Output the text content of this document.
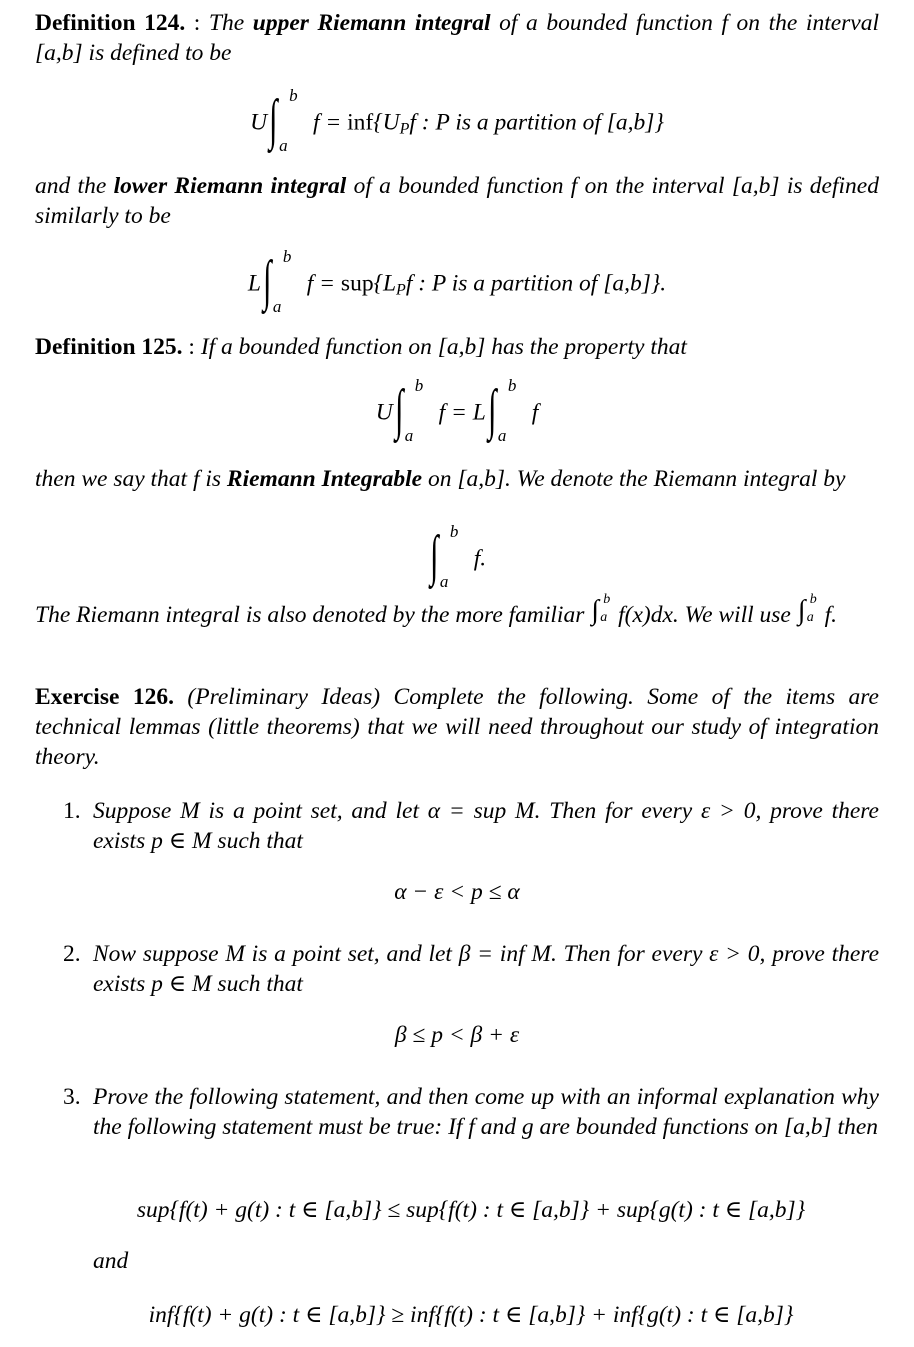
Definition 124. : The upper Riemann integral of a bounded function f on the interval [a,b] is defined to be
U ∫ b
a
$f = inf\{U_Pf$ : P is a partition of [a,b]}
and the lower Riemann integral of a bounded function f on the interval [a,b] is defined similarly to be
L ∫ b
a
$f = sup\{L_Pf$ : P is a partition of [a,b]}.
Definition 125. : If a bounded function on [a,b] has the property that
U ∫ b
a
f = L ∫ b
a
f
then we say that f is Riemann Integrable on [a,b]. We denote the Riemann integral by
∫ b
a
f.
The Riemann integral is also denoted by the more familiar ∫ b
a f(x)dx. We will use ∫ b
a f.
Exercise 126. (Preliminary Ideas) Complete the following. Some of the items are technical lemmas (little theorems) that we will need throughout our study of integration theory.
1. Suppose M is a point set, and let α = sup M. Then for every ε > 0, prove there exists p ∈ M such that
α − ε < p ≤ α
2. Now suppose M is a point set, and let β = inf M. Then for every ε > 0, prove there exists p ∈ M such that
β ≤ p < β + ε
3. Prove the following statement, and then come up with an informal explanation why the following statement must be true: If f and g are bounded functions on [a,b] then
sup{f(t) + g(t) : t ∈ [a,b]} ≤ sup{f(t) : t ∈ [a,b]} + sup{g(t) : t ∈ [a,b]}
and
inf{f(t) + g(t) : t ∈ [a,b]} ≥ inf{f(t) : t ∈ [a,b]} + inf{g(t) : t ∈ [a,b]}
